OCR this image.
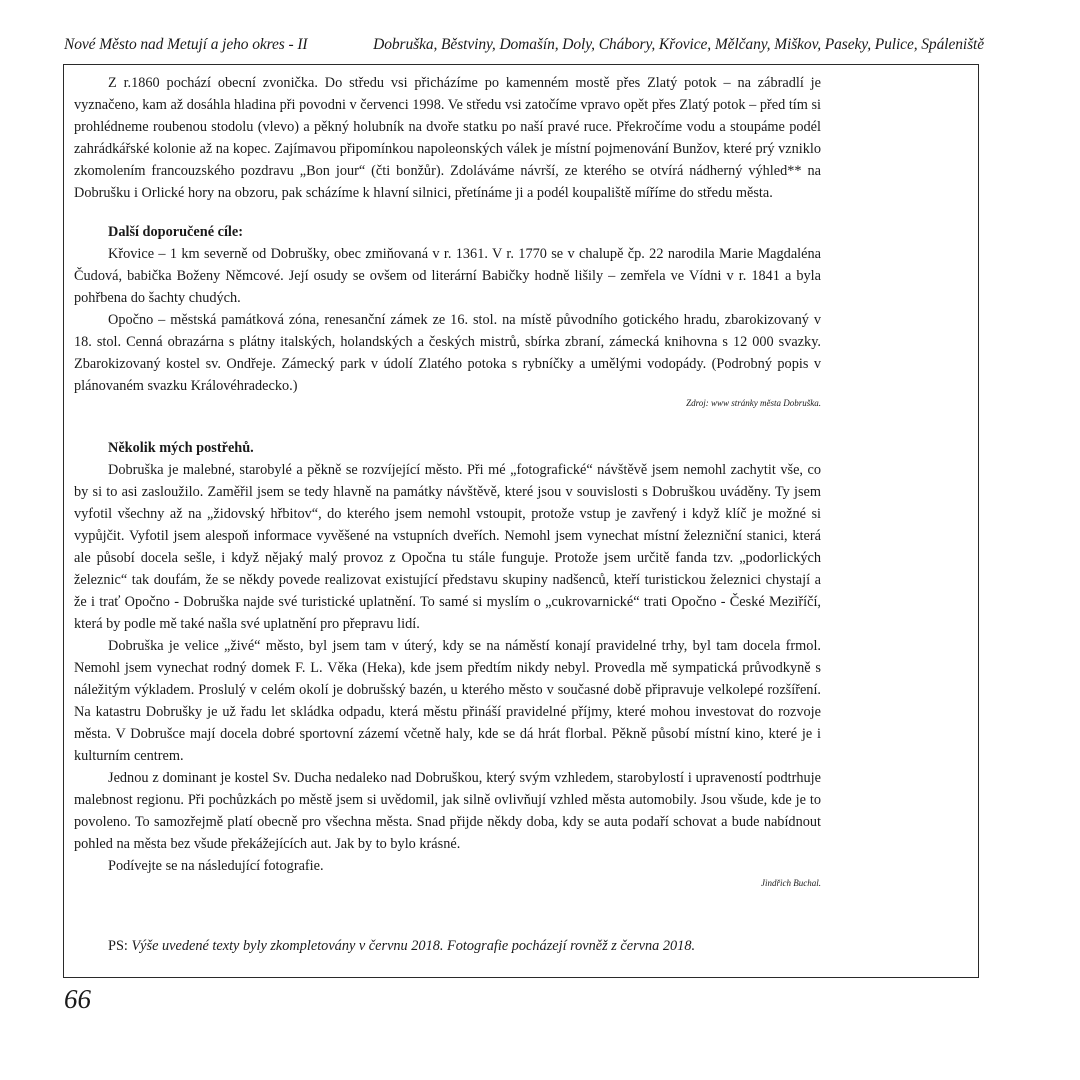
Nové Město nad Metují a jeho okres - II	Dobruška, Běstviny, Domašín, Doly, Chábory, Křovice, Mělčany, Miškov, Paseky, Pulice, Spáleniště

Z r.1860 pochází obecní zvonička. Do středu vsi přicházíme po kamenném mostě přes Zlatý potok – na zábradlí je vyznačeno, kam až dosáhla hladina při povodni v červenci 1998. Ve středu vsi zatočíme vpravo opět přes Zlatý potok – před tím si prohlédneme roubenou stodolu (vlevo) a pěkný holubník na dvoře statku po naší pravé ruce. Překročíme vodu a stoupáme podél zahrádkářské kolonie až na kopec. Zajímavou připomínkou napoleonských válek je místní pojmenování Bunžov, které prý vzniklo zkomolením francouzského pozdravu „Bon jour“ (čti bonžůr). Zdoláváme návrší, ze kterého se otvírá nádherný výhled** na Dobrušku i Orlické hory na obzoru, pak scházíme k hlavní silnici, přetínáme ji a podél koupaliště míříme do středu města.

Další doporučené cíle:

Křovice – 1 km severně od Dobrušky, obec zmiňovaná v r. 1361. V r. 1770 se v chalupě čp. 22 narodila Marie Magdaléna Čudová, babička Boženy Němcové. Její osudy se ovšem od literární Babičky hodně lišily – zemřela ve Vídni v r. 1841 a byla pohřbena do šachty chudých.

Opočno – městská památková zóna, renesanční zámek ze 16. stol. na místě původního gotického hradu, zbarokizovaný v 18. stol. Cenná obrazárna s plátny italských, holandských a českých mistrů, sbírka zbraní, zámecká knihovna s 12 000 svazky. Zbarokizovaný kostel sv. Ondřeje. Zámecký park v údolí Zlatého potoka s rybníčky a umělými vodopády. (Podrobný popis v plánovaném svazku Královéhradecko.)

Zdroj: www stránky města Dobruška.

Několik mých postřehů.

Dobruška je malebné, starobylé a pěkně se rozvíjející město. Při mé „fotografické“ návštěvě jsem nemohl zachytit vše, co by si to asi zasloužilo. Zaměřil jsem se tedy hlavně na památky návštěvě, které jsou v souvislosti s Dobruškou uváděny. Ty jsem vyfotil všechny až na „židovský hřbitov“, do kterého jsem nemohl vstoupit, protože vstup je zavřený i když klíč je možné si vypůjčit. Vyfotil jsem alespoň informace vyvěšené na vstupních dveřích. Nemohl jsem vynechat místní železniční stanici, která ale působí docela sešle, i když nějaký malý provoz z Opočna tu stále funguje. Protože jsem určitě fanda tzv. „podorlických železnic“ tak doufám, že se někdy povede realizovat existující představu skupiny nadšenců, kteří turistickou železnici chystají a že i trať Opočno - Dobruška najde své turistické uplatnění. To samé si myslím o „cukrovarnické“ trati Opočno - České Meziříčí, která by podle mě také našla své uplatnění pro přepravu lidí.

Dobruška je velice „živé“ město, byl jsem tam v úterý, kdy se na náměstí konají pravidelné trhy, byl tam docela frmol. Nemohl jsem vynechat rodný domek F. L. Věka (Heka), kde jsem předtím nikdy nebyl. Provedla mě sympatická průvodkyně s náležitým výkladem. Proslulý v celém okolí je dobrušský bazén, u kterého město v současné době připravuje velkolepé rozšíření. Na katastru Dobrušky je už řadu let skládka odpadu, která městu přináší pravidelné příjmy, které mohou investovat do rozvoje města. V Dobrušce mají docela dobré sportovní zázemí včetně haly, kde se dá hrát florbal. Pěkně působí místní kino, které je i kulturním centrem.

Jednou z dominant je kostel Sv. Ducha nedaleko nad Dobruškou, který svým vzhledem, starobylostí i upraveností podtrhuje malebnost regionu. Při pochůzkách po městě jsem si uvědomil, jak silně ovlivňují vzhled města automobily. Jsou všude, kde je to povoleno. To samozřejmě platí obecně pro všechna města. Snad přijde někdy doba, kdy se auta podaří schovat a bude nabídnout pohled na města bez všude překážejících aut. Jak by to bylo krásné.

Podívejte se na následující fotografie.

Jindřich Buchal.

PS: Výše uvedené texty byly zkompletovány v červnu 2018. Fotografie pocházejí rovněž z června 2018.

66
